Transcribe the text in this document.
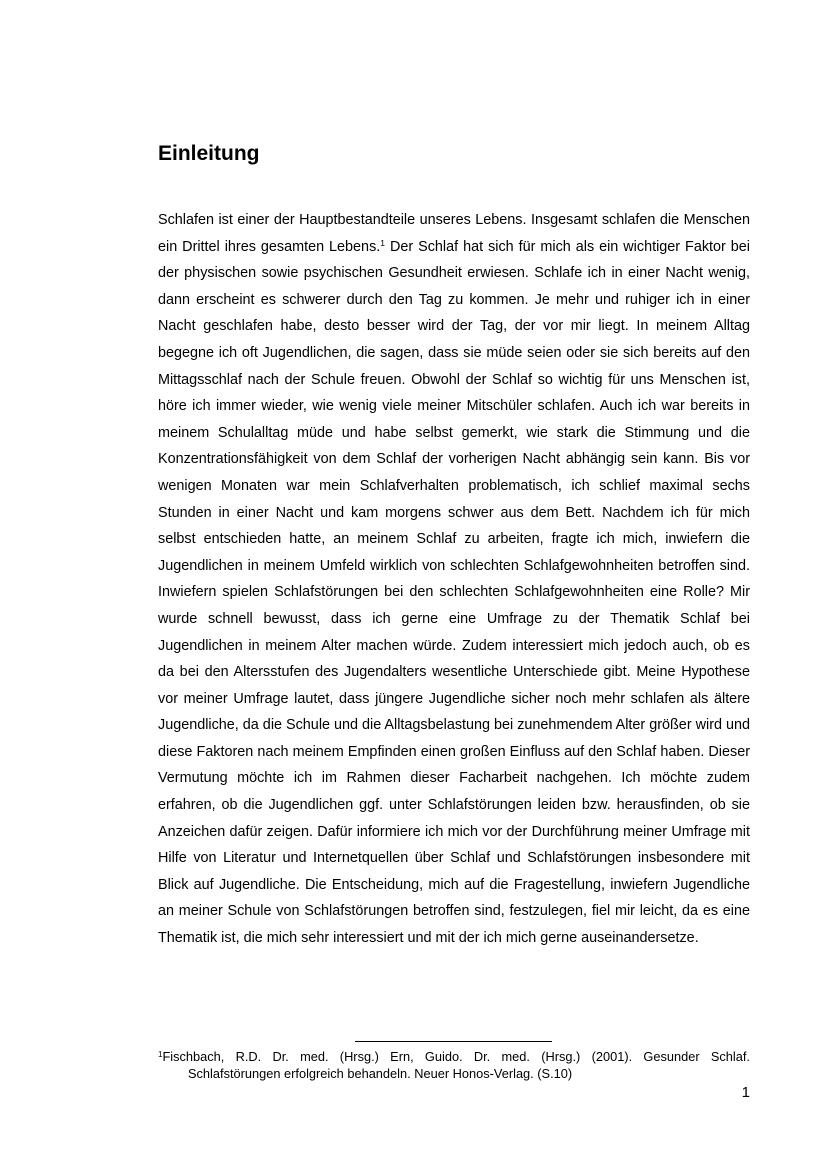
Einleitung

Schlafen ist einer der Hauptbestandteile unseres Lebens. Insgesamt schlafen die Menschen ein Drittel ihres gesamten Lebens.$^1$ Der Schlaf hat sich für mich als ein wichtiger Faktor bei der physischen sowie psychischen Gesundheit erwiesen. Schlafe ich in einer Nacht wenig, dann erscheint es schwerer durch den Tag zu kommen. Je mehr und ruhiger ich in einer Nacht geschlafen habe, desto besser wird der Tag, der vor mir liegt. In meinem Alltag begegne ich oft Jugendlichen, die sagen, dass sie müde seien oder sie sich bereits auf den Mittagsschlaf nach der Schule freuen. Obwohl der Schlaf so wichtig für uns Menschen ist, höre ich immer wieder, wie wenig viele meiner Mitschüler schlafen. Auch ich war bereits in meinem Schulalltag müde und habe selbst gemerkt, wie stark die Stimmung und die Konzentrationsfähigkeit von dem Schlaf der vorherigen Nacht abhängig sein kann. Bis vor wenigen Monaten war mein Schlafverhalten problematisch, ich schlief maximal sechs Stunden in einer Nacht und kam morgens schwer aus dem Bett. Nachdem ich für mich selbst entschieden hatte, an meinem Schlaf zu arbeiten, fragte ich mich, inwiefern die Jugendlichen in meinem Umfeld wirklich von schlechten Schlafgewohnheiten betroffen sind. Inwiefern spielen Schlafstörungen bei den schlechten Schlafgewohnheiten eine Rolle? Mir wurde schnell bewusst, dass ich gerne eine Umfrage zu der Thematik Schlaf bei Jugendlichen in meinem Alter machen würde. Zudem interessiert mich jedoch auch, ob es da bei den Altersstufen des Jugendalters wesentliche Unterschiede gibt. Meine Hypothese vor meiner Umfrage lautet, dass jüngere Jugendliche sicher noch mehr schlafen als ältere Jugendliche, da die Schule und die Alltagsbelastung bei zunehmendem Alter größer wird und diese Faktoren nach meinem Empfinden einen großen Einfluss auf den Schlaf haben. Dieser Vermutung möchte ich im Rahmen dieser Facharbeit nachgehen. Ich möchte zudem erfahren, ob die Jugendlichen ggf. unter Schlafstörungen leiden bzw. herausfinden, ob sie Anzeichen dafür zeigen. Dafür informiere ich mich vor der Durchführung meiner Umfrage mit Hilfe von Literatur und Internetquellen über Schlaf und Schlafstörungen insbesondere mit Blick auf Jugendliche. Die Entscheidung, mich auf die Fragestellung, inwiefern Jugendliche an meiner Schule von Schlafstörungen betroffen sind, festzulegen, fiel mir leicht, da es eine Thematik ist, die mich sehr interessiert und mit der ich mich gerne auseinandersetze.

$^1$Fischbach, R.D. Dr. med. (Hrsg.) Ern, Guido. Dr. med. (Hrsg.) (2001). Gesunder Schlaf. Schlafstörungen erfolgreich behandeln. Neuer Honos-Verlag. (S.10)

1
